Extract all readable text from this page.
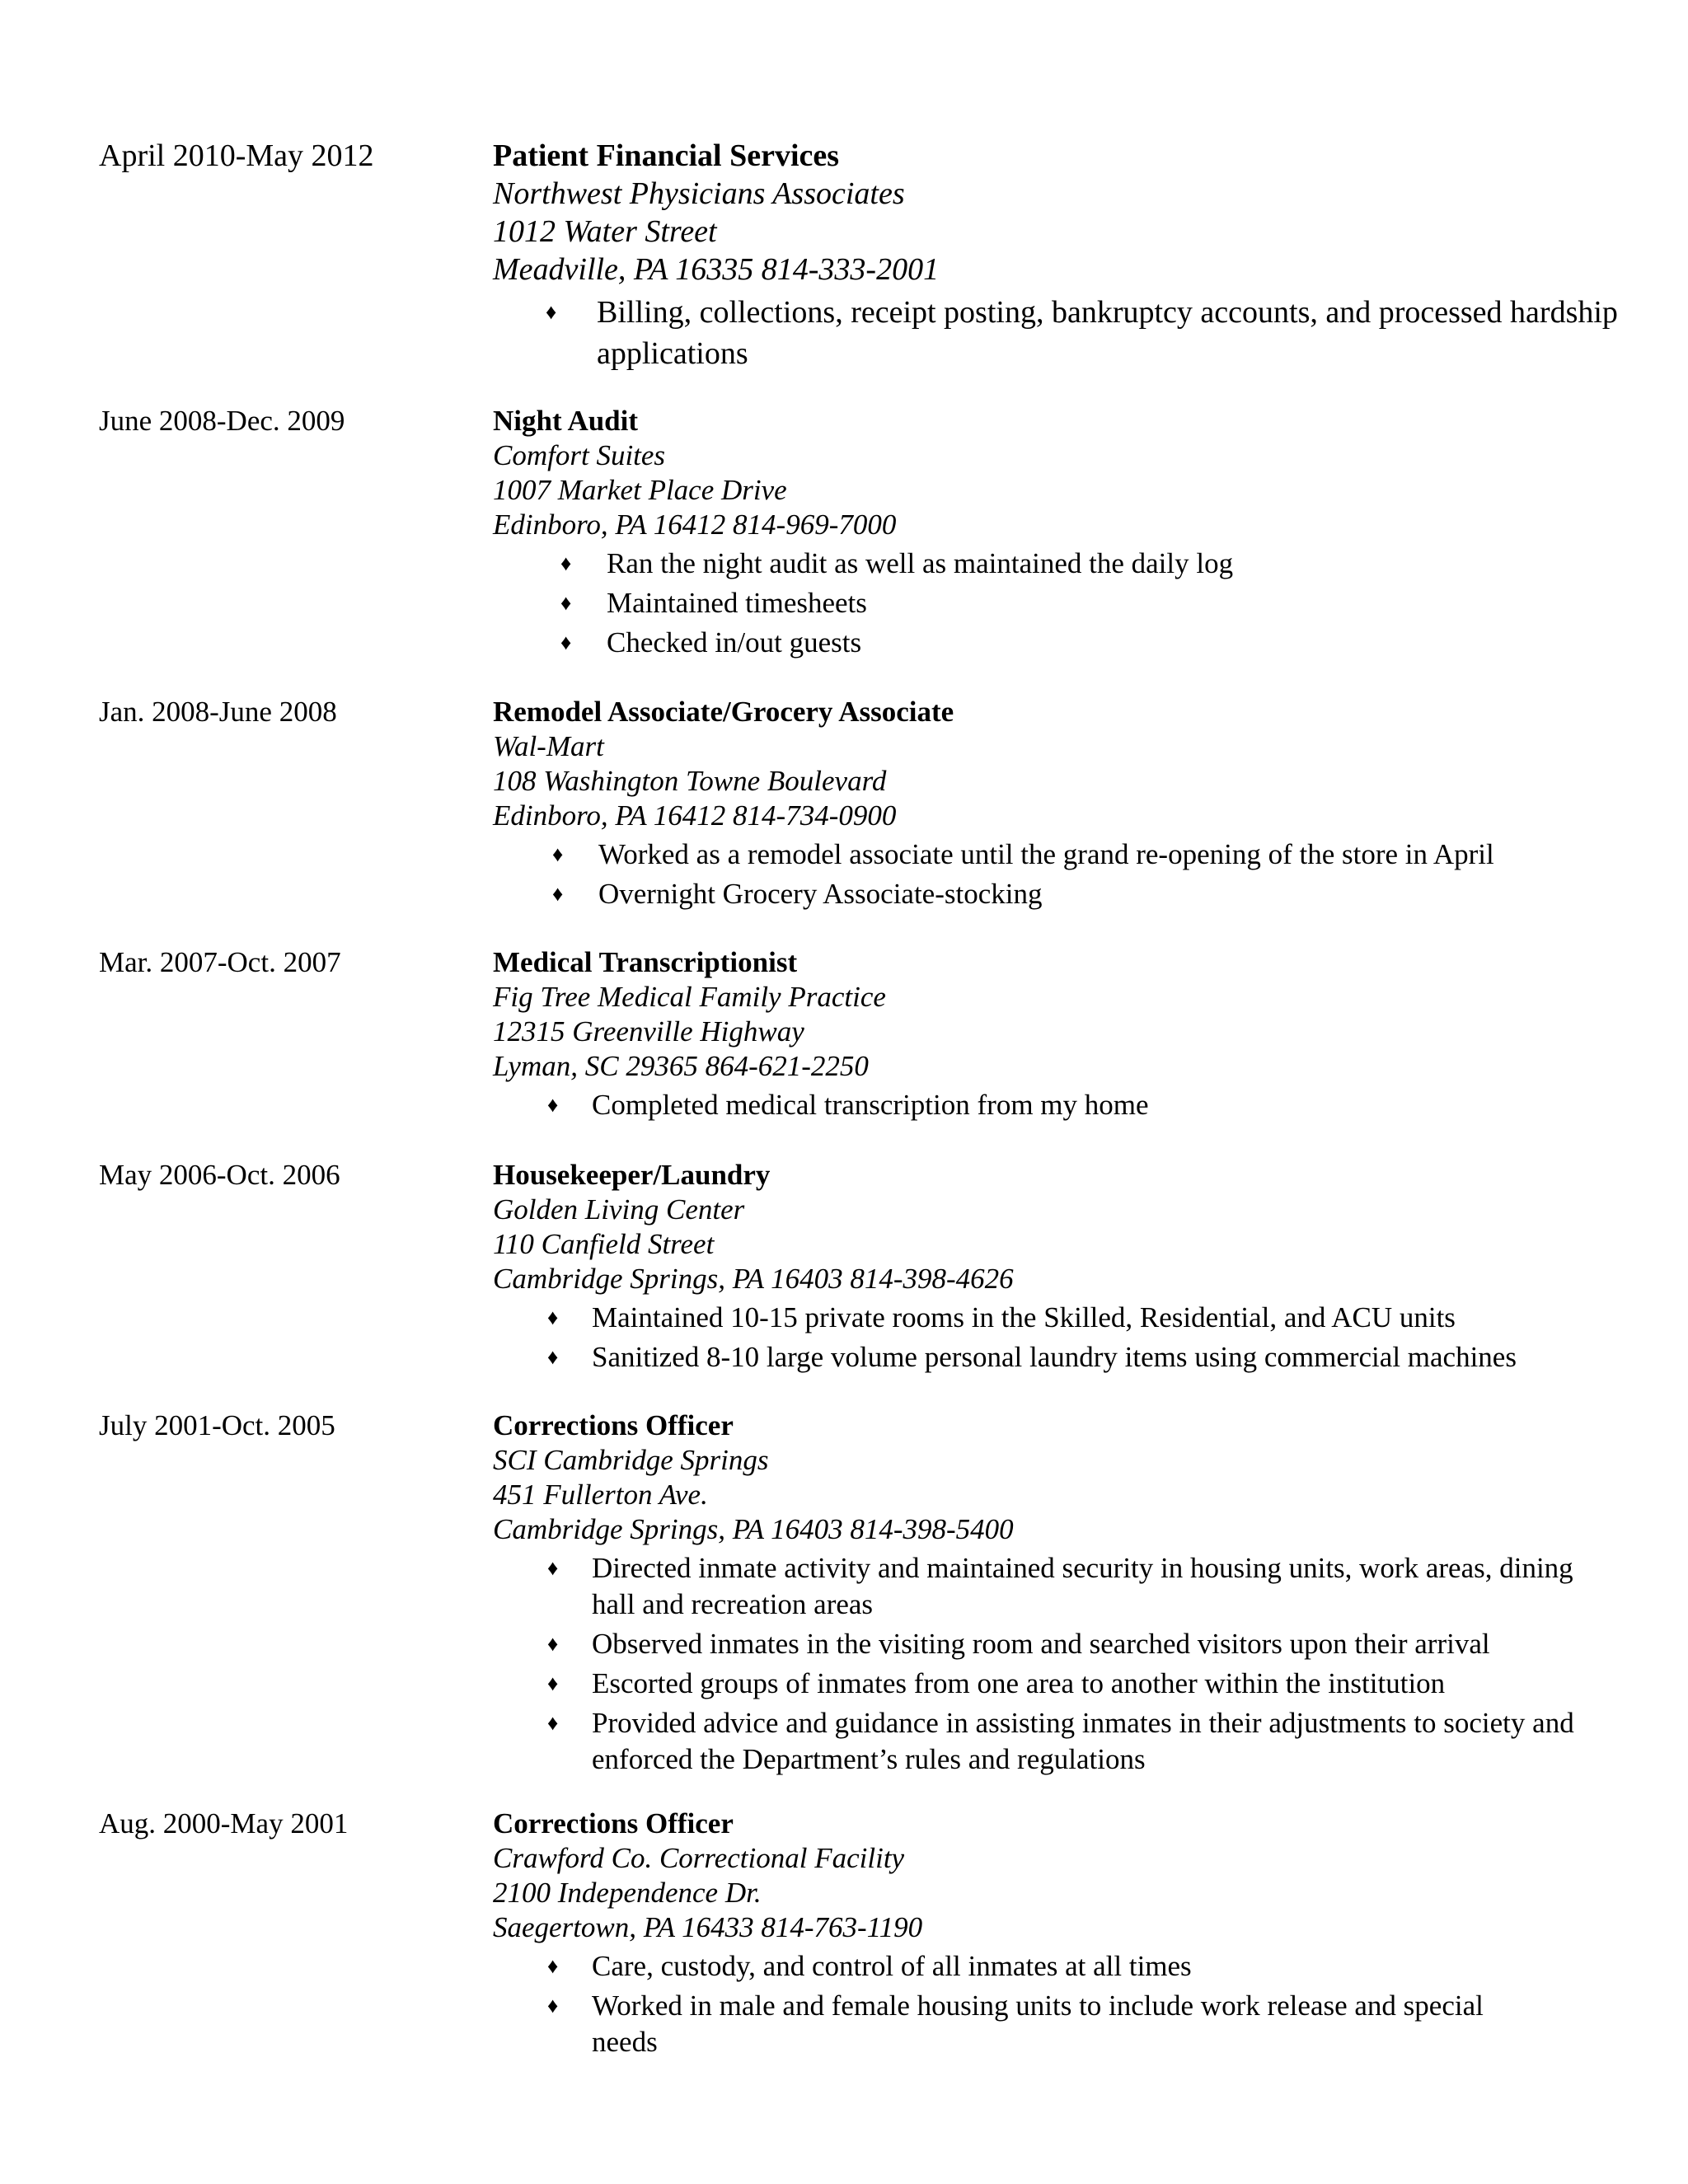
April 2010-May 2012	Patient Financial Services
Northwest Physicians Associates
1012 Water Street
Meadville, PA 16335 814-333-2001
♦ Billing, collections, receipt posting, bankruptcy accounts, and processed hardship applications
June 2008-Dec. 2009	Night Audit
Comfort Suites
1007 Market Place Drive
Edinboro, PA 16412 814-969-7000
♦ Ran the night audit as well as maintained the daily log
♦ Maintained timesheets
♦ Checked in/out guests
Jan. 2008-June 2008	Remodel Associate/Grocery Associate
Wal-Mart
108 Washington Towne Boulevard
Edinboro, PA 16412 814-734-0900
♦ Worked as a remodel associate until the grand re-opening of the store in April
♦ Overnight Grocery Associate-stocking
Mar. 2007-Oct. 2007	Medical Transcriptionist
Fig Tree Medical Family Practice
12315 Greenville Highway
Lyman, SC 29365 864-621-2250
♦ Completed medical transcription from my home
May 2006-Oct. 2006	Housekeeper/Laundry
Golden Living Center
110 Canfield Street
Cambridge Springs, PA 16403 814-398-4626
♦ Maintained 10-15 private rooms in the Skilled, Residential, and ACU units
♦ Sanitized 8-10 large volume personal laundry items using commercial machines
July 2001-Oct. 2005	Corrections Officer
SCI Cambridge Springs
451 Fullerton Ave.
Cambridge Springs, PA 16403 814-398-5400
♦ Directed inmate activity and maintained security in housing units, work areas, dining hall and recreation areas
♦ Observed inmates in the visiting room and searched visitors upon their arrival
♦ Escorted groups of inmates from one area to another within the institution
♦ Provided advice and guidance in assisting inmates in their adjustments to society and enforced the Department’s rules and regulations
Aug. 2000-May 2001	Corrections Officer
Crawford Co. Correctional Facility
2100 Independence Dr.
Saegertown, PA 16433 814-763-1190
♦ Care, custody, and control of all inmates at all times
♦ Worked in male and female housing units to include work release and special needs
